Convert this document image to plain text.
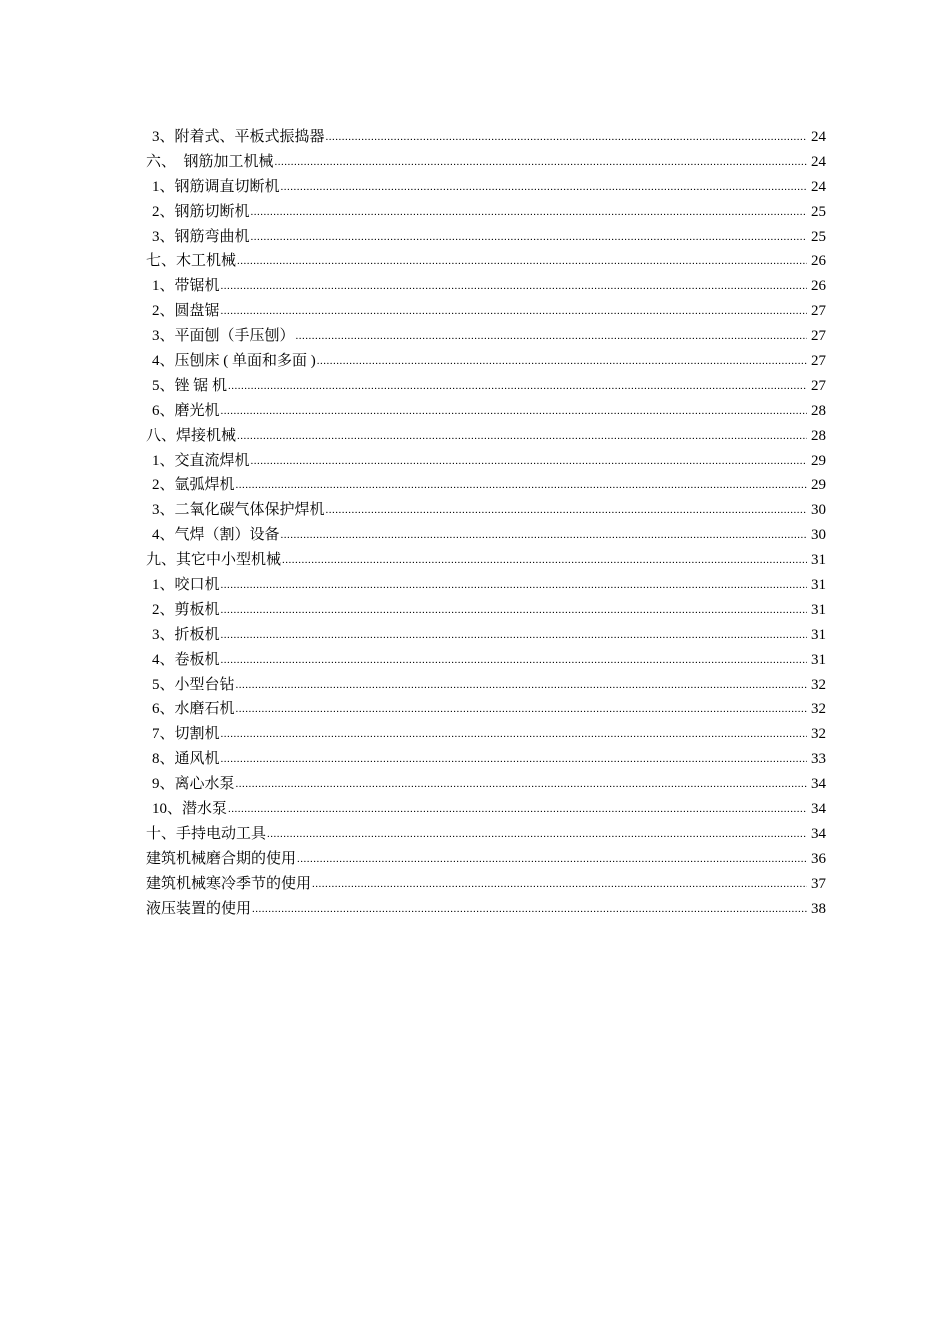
3、附着式、平板式振捣器 .....	24
六、  钢筋加工机械 .....	24
1、钢筋调直切断机 .....	24
2、钢筋切断机 .....	25
3、钢筋弯曲机 .....	25
七、木工机械 .....	26
1、带锯机 .....	26
2、圆盘锯 .....	27
3、平面刨（手压刨） .....	27
4、压刨床 ( 单面和多面 ) .....	27
5、锉 锯 机 .....	27
6、磨光机 .....	28
八、焊接机械 .....	28
1、交直流焊机 .....	29
2、氩弧焊机 .....	29
3、二氧化碳气体保护焊机 .....	30
4、气焊（割）设备 .....	30
九、其它中小型机械 .....	31
1、咬口机 .....	31
2、剪板机 .....	31
3、折板机 .....	31
4、卷板机 .....	31
5、小型台钻 .....	32
6、水磨石机 .....	32
7、切割机 .....	32
8、通风机 .....	33
9、离心水泵 .....	34
10、潜水泵 .....	34
十、手持电动工具 .....	34
建筑机械磨合期的使用 .....	36
建筑机械寒冷季节的使用 .....	37
液压装置的使用 .....	38
